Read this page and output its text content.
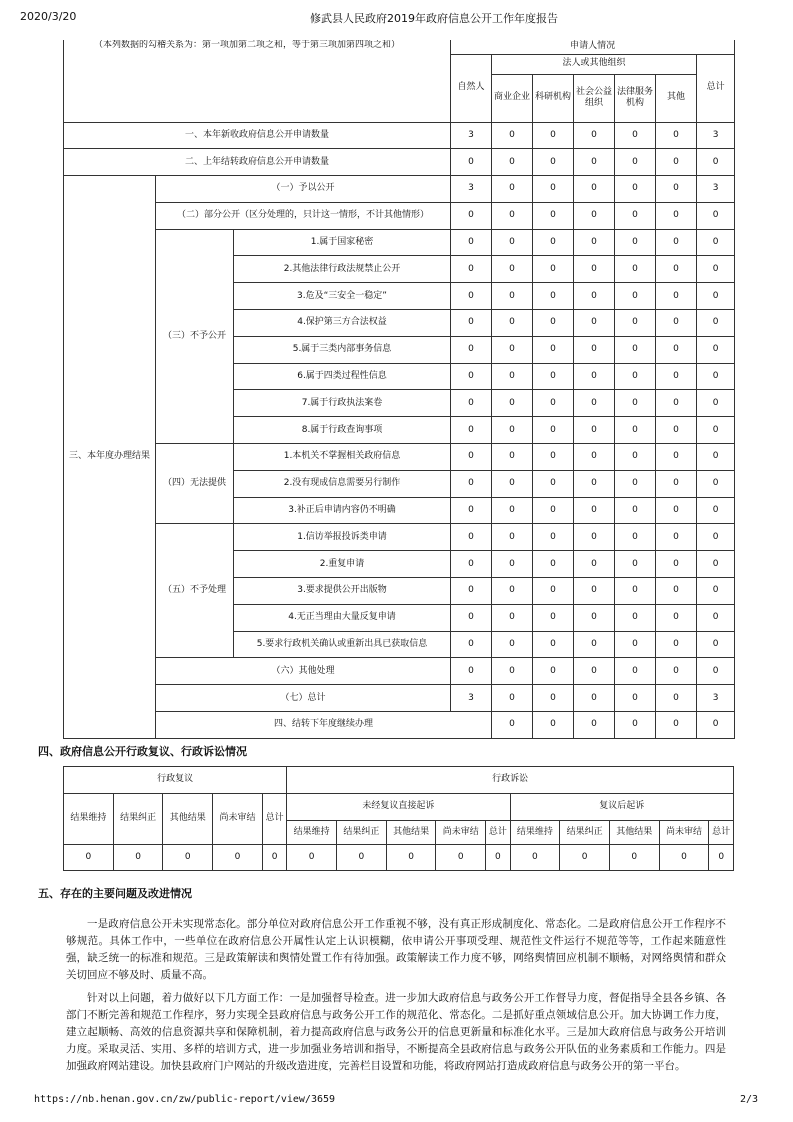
2020/3/20	修武县人民政府2019年政府信息公开工作年度报告
（本列数据的勾稽关系为：第一项加第二项之和，等于第三项加第四项之和）			申请人情况							
			自然人	法人或其他组织					总计	
				商业企业	科研机构	社会公益组织	法律服务机构	其他		
一、本年新收政府信息公开申请数量			3	0	0	0	0	0	3	
二、上年结转政府信息公开申请数量			0	0	0	0	0	0	0	
三、本年度办理结果	（一）予以公开		3	0	0	0	0	0	3	
	（二）部分公开（区分处理的，只计这一情形，不计其他情形）		0	0	0	0	0	0	0	
	（三）不予公开	1.属于国家秘密	0	0	0	0	0	0	0	
		2.其他法律行政法规禁止公开	0	0	0	0	0	0	0	
		3.危及“三安全一稳定”	0	0	0	0	0	0	0	
		4.保护第三方合法权益	0	0	0	0	0	0	0	
		5.属于三类内部事务信息	0	0	0	0	0	0	0	
		6.属于四类过程性信息	0	0	0	0	0	0	0	
		7.属于行政执法案卷	0	0	0	0	0	0	0	
		8.属于行政查询事项	0	0	0	0	0	0	0	
	（四）无法提供	1.本机关不掌握相关政府信息	0	0	0	0	0	0	0	
		2.没有现成信息需要另行制作	0	0	0	0	0	0	0	
		3.补正后申请内容仍不明确	0	0	0	0	0	0	0	
	（五）不予处理	1.信访举报投诉类申请	0	0	0	0	0	0	0	
		2.重复申请	0	0	0	0	0	0	0	
		3.要求提供公开出版物	0	0	0	0	0	0	0	
		4.无正当理由大量反复申请	0	0	0	0	0	0	0	
		5.要求行政机关确认或重新出具已获取信息	0	0	0	0	0	0	0	
	（六）其他处理		0	0	0	0	0	0	0	
	（七）总计		3	0	0	0	0	0	3	
	四、结转下年度继续办理			0	0	0	0	0	0	
四、政府信息公开行政复议、行政诉讼情况
行政复议					行政诉讼									
结果维持	结果纠正	其他结果	尚未审结	总计	未经复议直接起诉					复议后起诉				
					结果维持	结果纠正	其他结果	尚未审结	总计	结果维持	结果纠正	其他结果	尚未审结	总计
0	0	0	0	0	0	0	0	0	0	0	0	0	0	0
五、存在的主要问题及改进情况

一是政府信息公开未实现常态化。部分单位对政府信息公开工作重视不够，没有真正形成制度化、常态化。二是政府信息公开工作程序不够规范。具体工作中，一些单位在政府信息公开属性认定上认识模糊，依申请公开事项受理、规范性文件运行不规范等等，工作起来随意性强，缺乏统一的标准和规范。三是政策解读和舆情处置工作有待加强。政策解读工作力度不够，网络舆情回应机制不顺畅，对网络舆情和群众关切回应不够及时、质量不高。

针对以上问题，着力做好以下几方面工作：一是加强督导检查。进一步加大政府信息与政务公开工作督导力度，督促指导全县各乡镇、各部门不断完善和规范工作程序，努力实现全县政府信息与政务公开工作的规范化、常态化。二是抓好重点领域信息公开。加大协调工作力度，建立起顺畅、高效的信息资源共享和保障机制，着力提高政府信息与政务公开的信息更新量和标准化水平。三是加大政府信息与政务公开培训力度。采取灵活、实用、多样的培训方式，进一步加强业务培训和指导，不断提高全县政府信息与政务公开队伍的业务素质和工作能力。四是加强政府网站建设。加快县政府门户网站的升级改造进度，完善栏目设置和功能，将政府网站打造成政府信息与政务公开的第一平台。

https://nb.henan.gov.cn/zw/public-report/view/3659	2/3
